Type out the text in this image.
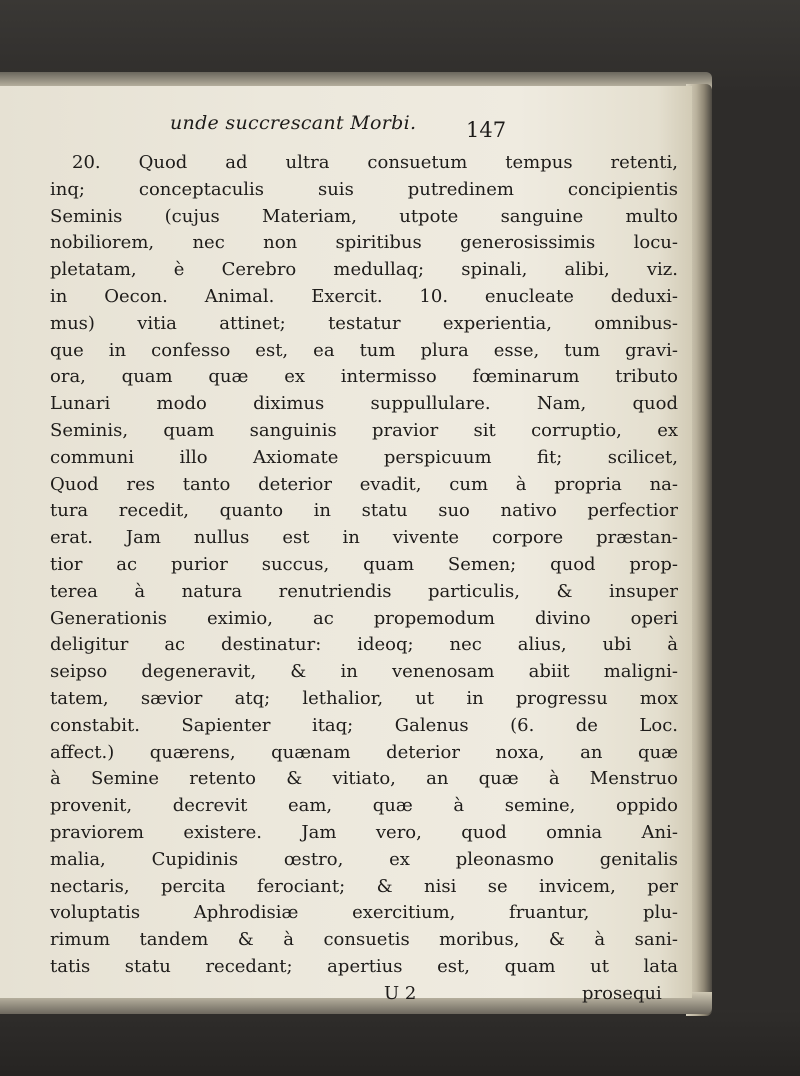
unde succrescant Morbi. 147
20. Quod ad ultra consuetum tempus retenti,
inq; conceptaculis suis putredinem concipientis
Seminis (cujus Materiam, utpote sanguine multo
nobiliorem, nec non spiritibus generosissimis locu-
pletatam, è Cerebro medullaq; spinali, alibi, viz.
in Oecon. Animal. Exercit. 10. enucleate deduxi-
mus) vitia attinet; testatur experientia, omnibus-
que in confesso est, ea tum plura esse, tum gravi-
ora, quam quæ ex intermisso fœminarum tributo
Lunari modo diximus suppullulare. Nam, quod
Seminis, quam sanguinis pravior sit corruptio, ex
communi illo Axiomate perspicuum fit; scilicet,
Quod res tanto deterior evadit, cum à propria na-
tura recedit, quanto in statu suo nativo perfectior
erat. Jam nullus est in vivente corpore præstan-
tior ac purior succus, quam Semen; quod prop-
terea à natura renutriendis particulis, & insuper
Generationis eximio, ac propemodum divino operi
deligitur ac destinatur: ideoq; nec alius, ubi à
seipso degeneravit, & in venenosam abiit maligni-
tatem, sævior atq; lethalior, ut in progressu mox
constabit. Sapienter itaq; Galenus (6. de Loc.
affect.) quærens, quænam deterior noxa, an quæ
à Semine retento & vitiato, an quæ à Menstruo
provenit, decrevit eam, quæ à semine, oppido
praviorem existere. Jam vero, quod omnia Ani-
malia, Cupidinis œstro, ex pleonasmo genitalis
nectaris, percita ferociant; & nisi se invicem, per
voluptatis Aphrodisiæ exercitium, fruantur, plu-
rimum tandem & à consuetis moribus, & à sani-
tatis statu recedant; apertius est, quam ut lata
U 2	prosequi
